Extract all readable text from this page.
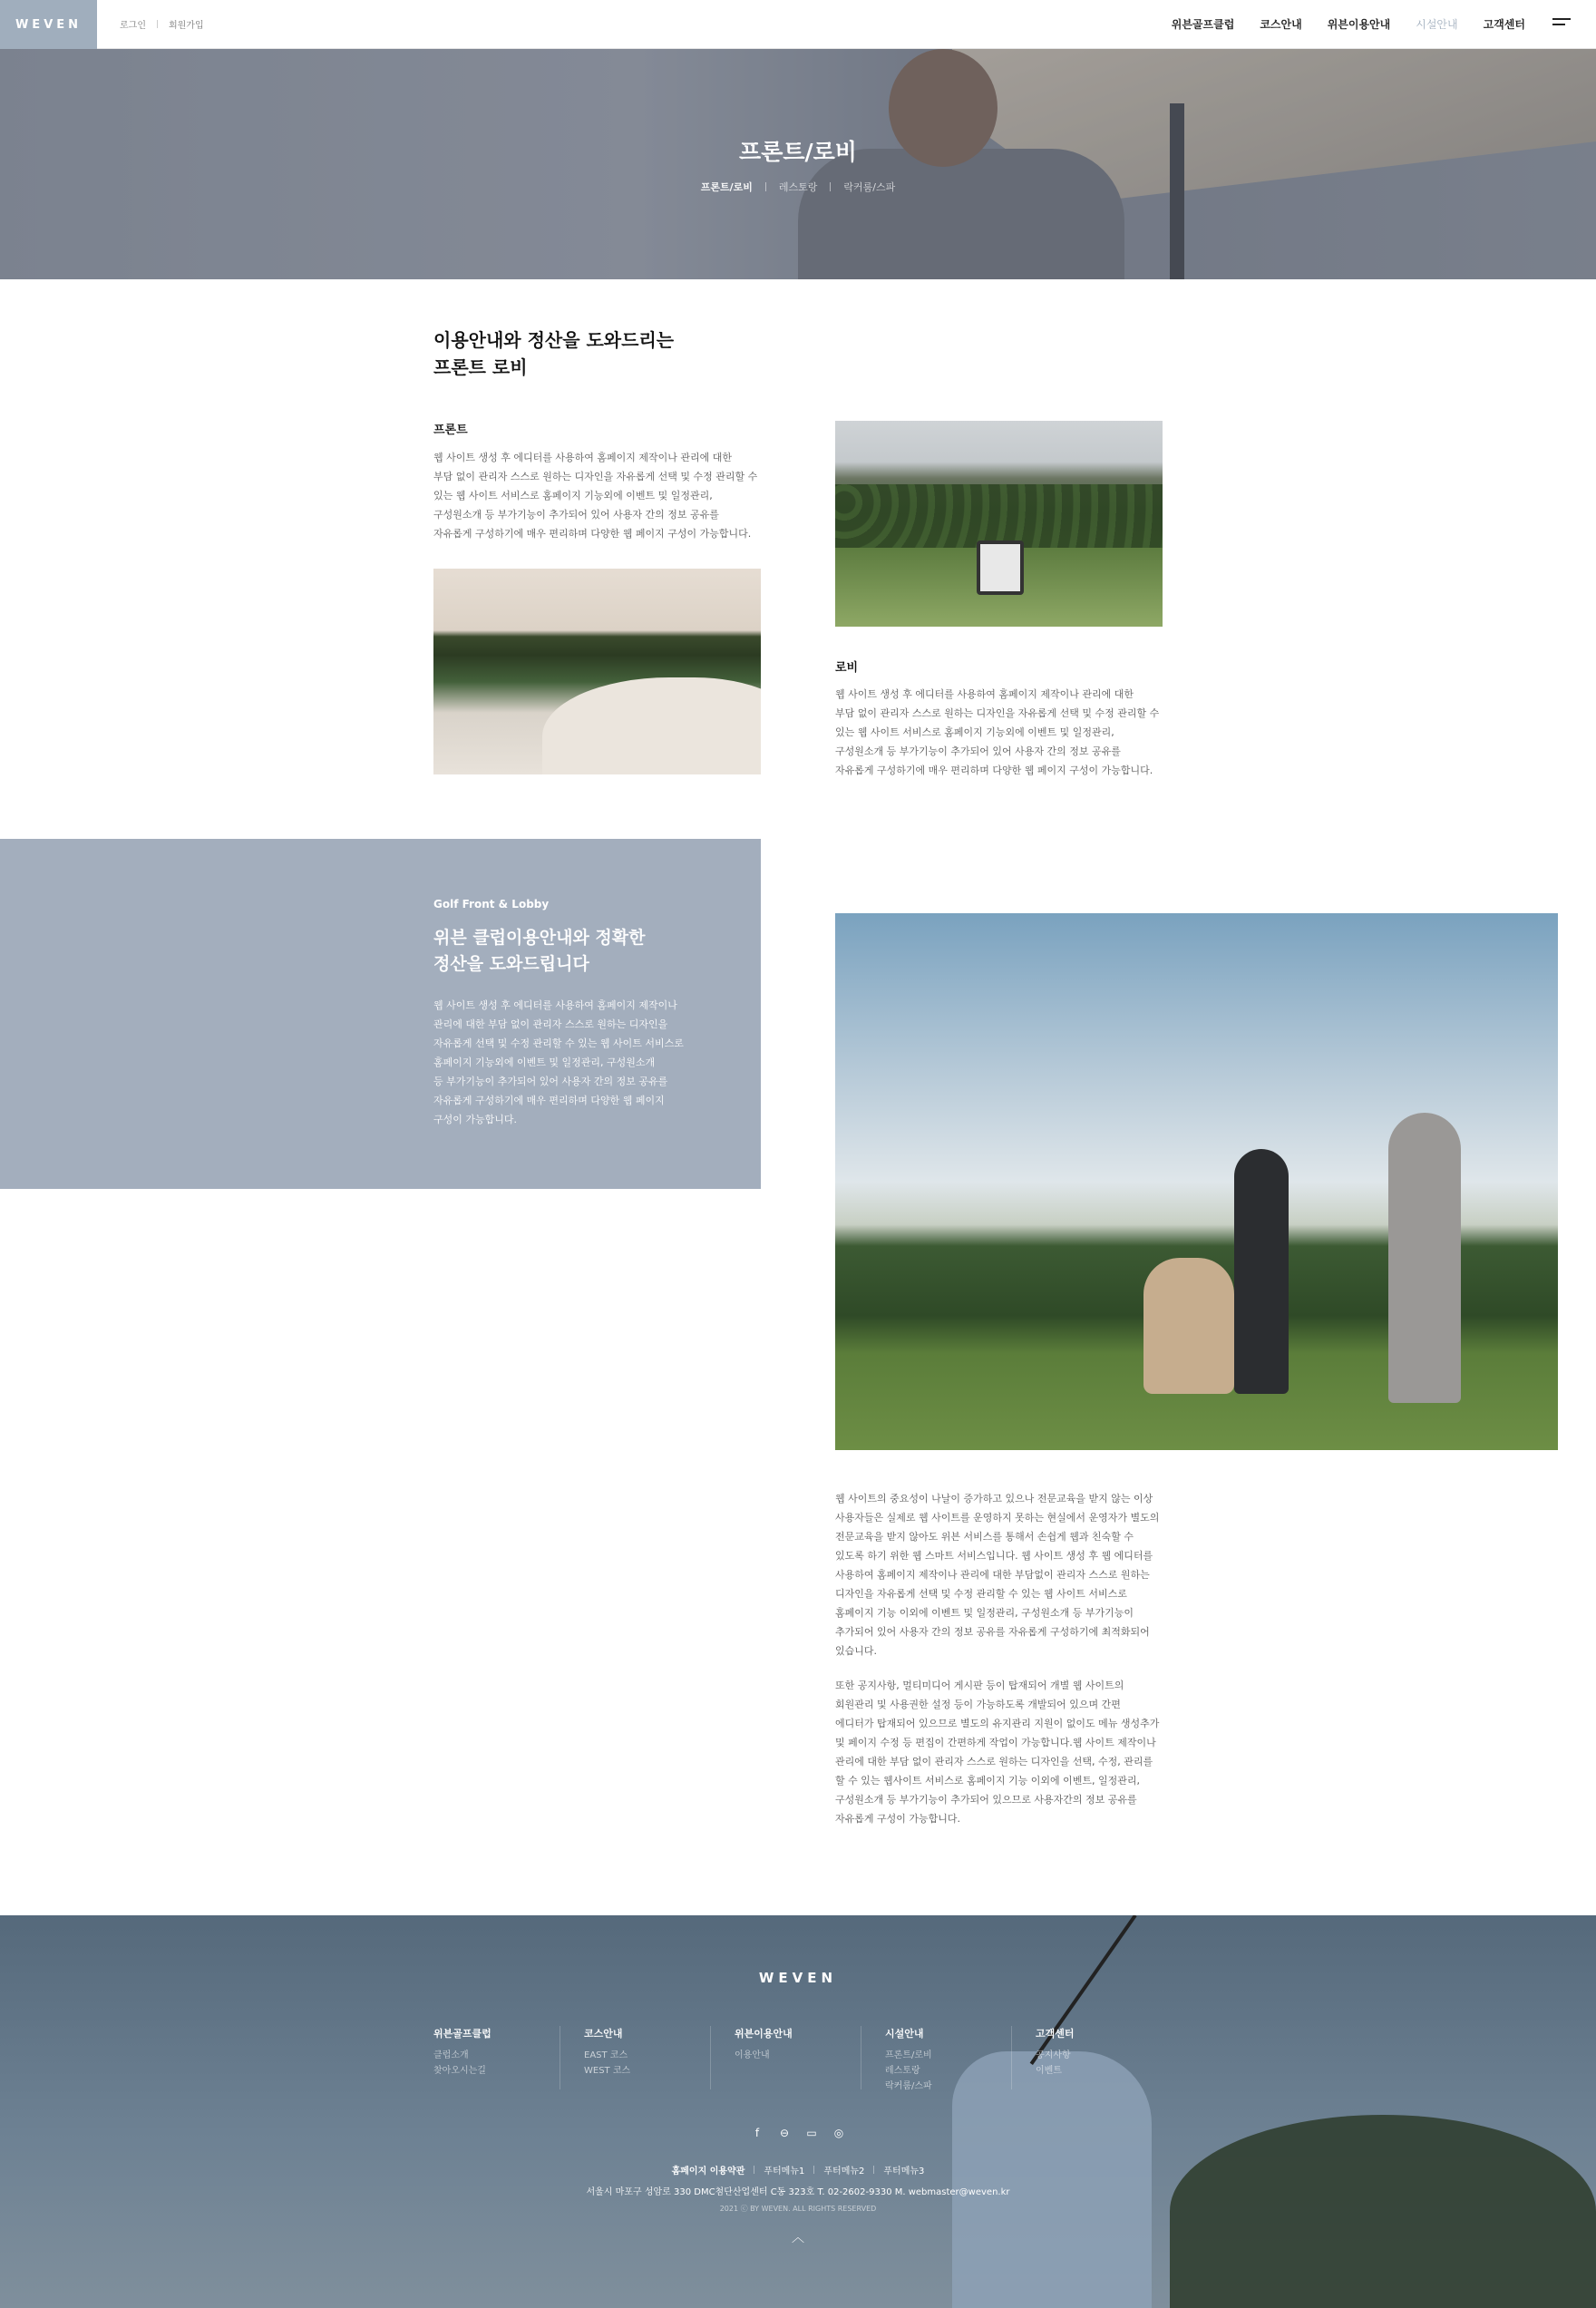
WEVEN	로그인	회원가입	위븐골프클럽 코스안내 위븐이용안내 시설안내 고객센터
프론트/로비
프론트/로비	레스토랑	락커룸/스파
이용안내와 정산을 도와드리는
프론트 로비
프론트

웹 사이트 생성 후 에디터를 사용하여 홈페이지 제작이나 관리에 대한
부담 없이 관리자 스스로 원하는 디자인을 자유롭게 선택 및 수정 관리할 수
있는 웹 사이트 서비스로 홈페이지 기능외에 이벤트 및 일정관리,
구성원소개 등 부가기능이 추가되어 있어 사용자 간의 정보 공유를
자유롭게 구성하기에 매우 편리하며 다양한 웹 페이지 구성이 가능합니다.

로비

웹 사이트 생성 후 에디터를 사용하여 홈페이지 제작이나 관리에 대한
부담 없이 관리자 스스로 원하는 디자인을 자유롭게 선택 및 수정 관리할 수
있는 웹 사이트 서비스로 홈페이지 기능외에 이벤트 및 일정관리,
구성원소개 등 부가기능이 추가되어 있어 사용자 간의 정보 공유를
자유롭게 구성하기에 매우 편리하며 다양한 웹 페이지 구성이 가능합니다.

Golf Front & Lobby
위븐 클럽이용안내와 정확한
정산을 도와드립니다

웹 사이트 생성 후 에디터를 사용하여 홈페이지 제작이나
관리에 대한 부담 없이 관리자 스스로 원하는 디자인을
자유롭게 선택 및 수정 관리할 수 있는 웹 사이트 서비스로
홈페이지 기능외에 이벤트 및 일정관리, 구성원소개
등 부가기능이 추가되어 있어 사용자 간의 정보 공유를
자유롭게 구성하기에 매우 편리하며 다양한 웹 페이지
구성이 가능합니다.

웹 사이트의 중요성이 나날이 증가하고 있으나 전문교육을 받지 않는 이상
사용자들은 실제로 웹 사이트를 운영하지 못하는 현실에서 운영자가 별도의
전문교육을 받지 않아도 위븐 서비스를 통해서 손쉽게 웹과 친숙할 수
있도록 하기 위한 웹 스마트 서비스입니다. 웹 사이트 생성 후 웹 에디터를
사용하여 홈페이지 제작이나 관리에 대한 부담없이 관리자 스스로 원하는
디자인을 자유롭게 선택 및 수정 관리할 수 있는 웹 사이트 서비스로
홈페이지 기능 이외에 이벤트 및 일정관리, 구성원소개 등 부가기능이
추가되어 있어 사용자 간의 정보 공유를 자유롭게 구성하기에 최적화되어
있습니다.

또한 공지사항, 멀티미디어 게시판 등이 탑재되어 개별 웹 사이트의
회원관리 및 사용권한 설정 등이 가능하도록 개발되어 있으며 간편
에디터가 탑재되어 있으므로 별도의 유지관리 지원이 없이도 메뉴 생성추가
및 페이지 수정 등 편집이 간편하게 작업이 가능합니다.웹 사이트 제작이나
관리에 대한 부담 없이 관리자 스스로 원하는 디자인을 선택, 수정, 관리를
할 수 있는 웹사이트 서비스로 홈페이지 기능 이외에 이벤트, 일정관리,
구성원소개 등 부가기능이 추가되어 있으므로 사용자간의 정보 공유를
자유롭게 구성이 가능합니다.

WEVEN
위븐골프클럽
클럽소개
찾아오시는길
코스안내
EAST 코스
WEST 코스
위븐이용안내
이용안내
시설안내
프론트/로비
레스토랑
락커룸/스파
고객센터
공지사항
이벤트
f	⊖ ▭ ◎
홈페이지 이용약관 푸터메뉴1 푸터메뉴2 푸터메뉴3
서울시 마포구 성암로 330 DMC첨단산업센터 C동 323호 T. 02-2602-9330 M. webmaster@weven.kr
2021 ⓒ BY WEVEN. ALL RIGHTS RESERVED
︿
